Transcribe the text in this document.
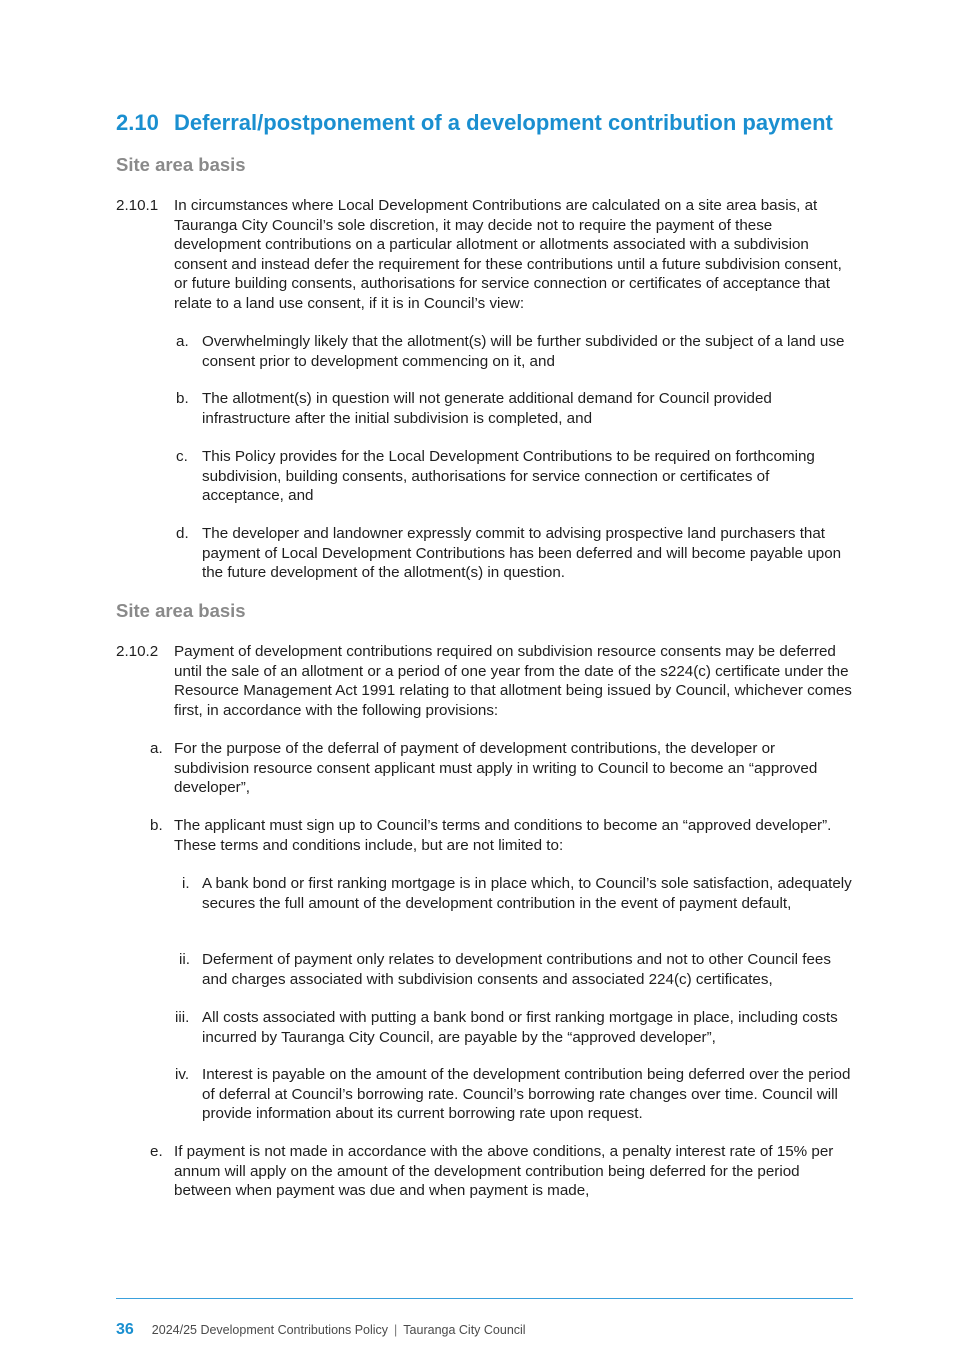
2.10 Deferral/postponement of a development contribution payment
Site area basis
2.10.1 In circumstances where Local Development Contributions are calculated on a site area basis, at Tauranga City Council’s sole discretion, it may decide not to require the payment of these development contributions on a particular allotment or allotments associated with a subdivision consent and instead defer the requirement for these contributions until a future subdivision consent, or future building consents, authorisations for service connection or certificates of acceptance that relate to a land use consent, if it is in Council’s view:
a. Overwhelmingly likely that the allotment(s) will be further subdivided or the subject of a land use consent prior to development commencing on it, and
b. The allotment(s) in question will not generate additional demand for Council provided infrastructure after the initial subdivision is completed, and
c. This Policy provides for the Local Development Contributions to be required on forthcoming subdivision, building consents, authorisations for service connection or certificates of acceptance, and
d. The developer and landowner expressly commit to advising prospective land purchasers that payment of Local Development Contributions has been deferred and will become payable upon the future development of the allotment(s) in question.
Site area basis
2.10.2 Payment of development contributions required on subdivision resource consents may be deferred until the sale of an allotment or a period of one year from the date of the s224(c) certificate under the Resource Management Act 1991 relating to that allotment being issued by Council, whichever comes first, in accordance with the following provisions:
a. For the purpose of the deferral of payment of development contributions, the developer or subdivision resource consent applicant must apply in writing to Council to become an “approved developer”,
b. The applicant must sign up to Council’s terms and conditions to become an “approved developer”. These terms and conditions include, but are not limited to:
i. A bank bond or first ranking mortgage is in place which, to Council’s sole satisfaction, adequately secures the full amount of the development contribution in the event of payment default,
ii. Deferment of payment only relates to development contributions and not to other Council fees and charges associated with subdivision consents and associated 224(c) certificates,
iii. All costs associated with putting a bank bond or first ranking mortgage in place, including costs incurred by Tauranga City Council, are payable by the “approved developer”,
iv. Interest is payable on the amount of the development contribution being deferred over the period of deferral at Council’s borrowing rate. Council’s borrowing rate changes over time. Council will provide information about its current borrowing rate upon request.
e. If payment is not made in accordance with the above conditions, a penalty interest rate of 15% per annum will apply on the amount of the development contribution being deferred for the period between when payment was due and when payment is made,
36 2024/25 Development Contributions Policy | Tauranga City Council
